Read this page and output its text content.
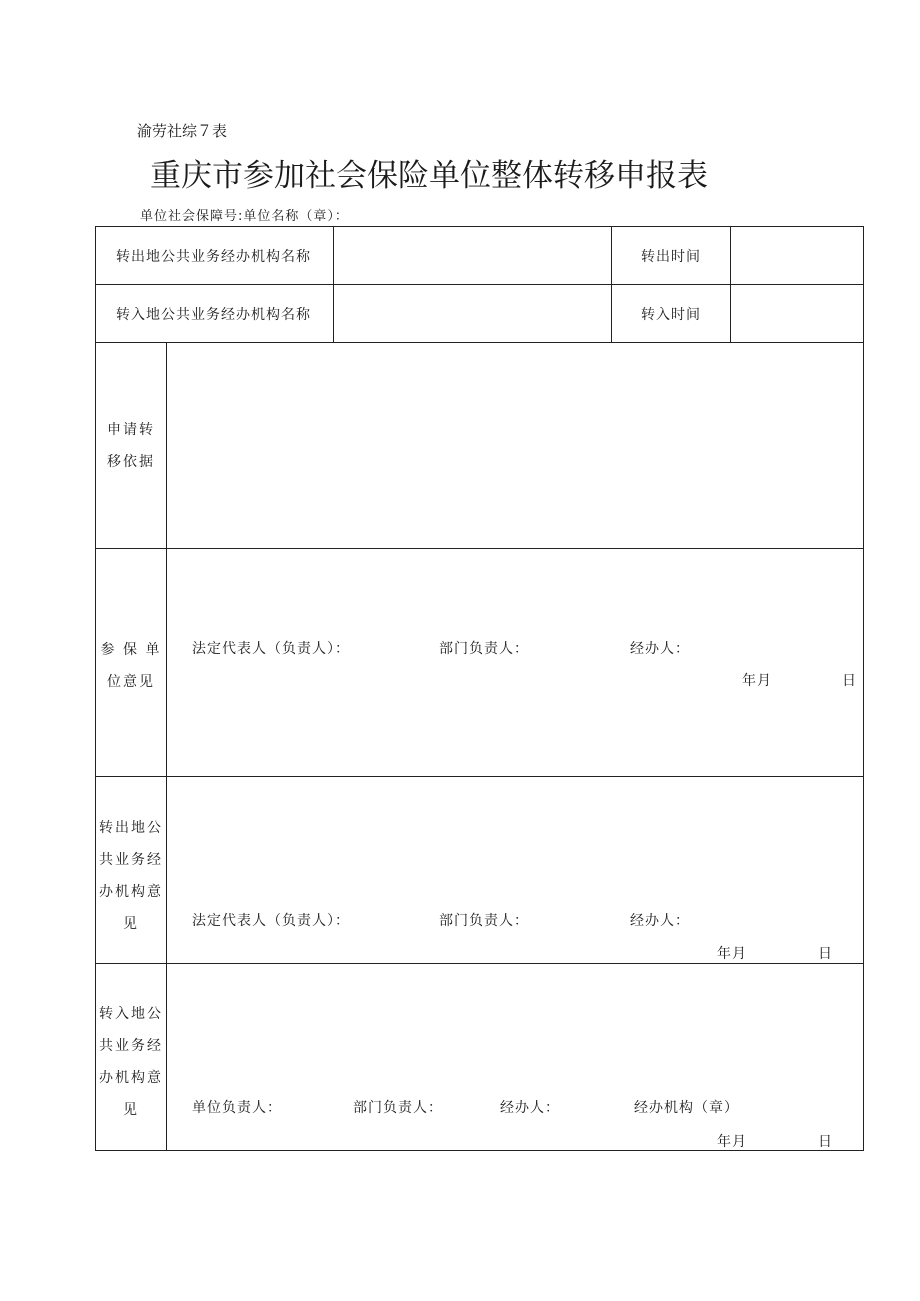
渝劳社综７表
重庆市参加社会保险单位整体转移申报表
单位社会保障号:单位名称（章）：
转出地公共业务经办机构名称	转出时间
转入地公共业务经办机构名称	转入时间
申请转
移依据
参 保 单
位意见
法定代表人（负责人）：	部门负责人：	经办人：
年月	日
转出地公
共业务经
办机构意
见	法定代表人（负责人）：	部门负责人：	经办人：
年月	日
转入地公
共业务经
办机构意
见	单位负责人：	部门负责人：	经办人：	经办机构（章）
年月	日
